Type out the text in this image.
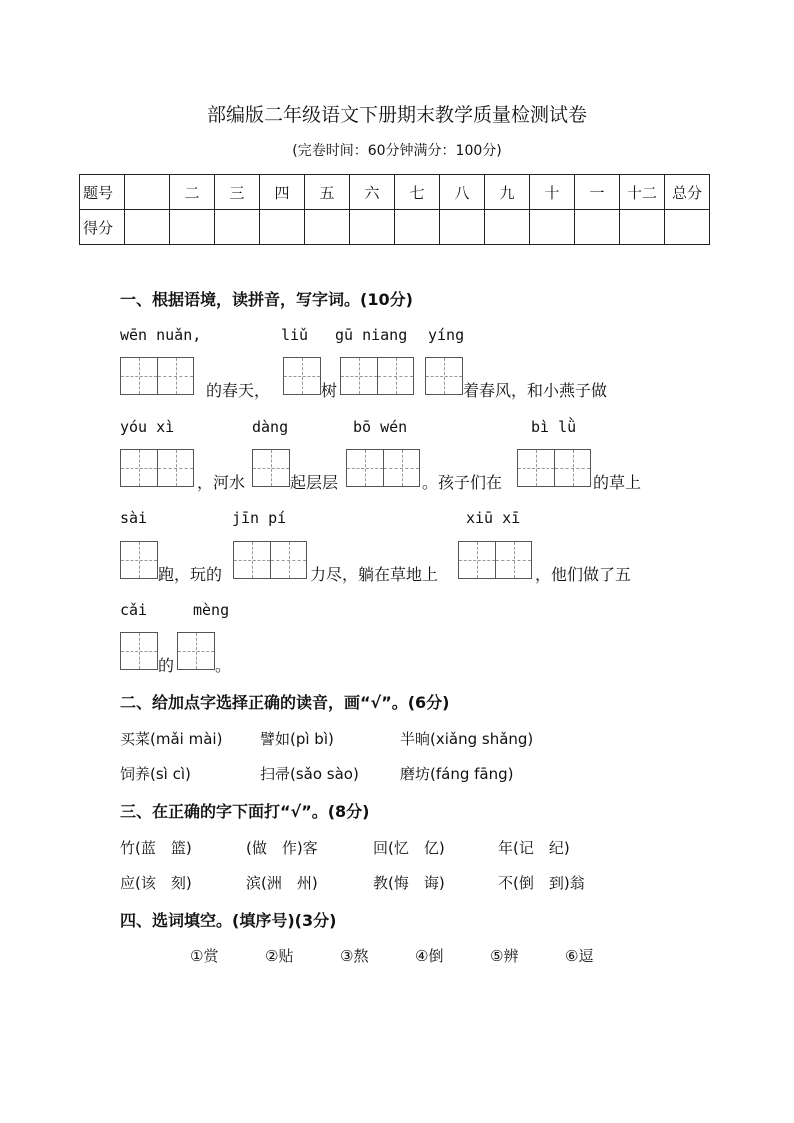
部编版二年级语文下册期末教学质量检测试卷
(完卷时间：60分钟满分：100分)
题号		二	三	四	五	六	七	八	九	十	一	十二	总分
得分													
一、根据语境，读拼音，写字词。(10分)
wēn nuǎn,	liǔ gū niang yíng
的春天，	树	着春风，和小燕子做
yóu xì	dàng	bō wén	bì lǜ
，河水	起层层	。孩子们在	的草上
sài	jīn pí	xiū xī
跑，玩的	力尽，躺在草地上	，他们做了五
cǎi	mèng
的	。
二、给加点字选择正确的读音，画“√”。(6分)
买菜(mǎi mài)	譬如(pì bì)	半晌(xiǎng shǎng)
饲养(sì cì)	扫帚(sǎo sào)	磨坊(fáng fāng)
三、在正确的字下面打“√”。(8分)
竹(蓝　篮)	(做　作)客	回(忆　亿)	年(记　纪)
应(该　刻)	滨(洲　州)	教(悔　诲)	不(倒　到)翁
四、选词填空。(填序号)(3分)
①赏	②贴	③熬	④倒	⑤辨	⑥逗
